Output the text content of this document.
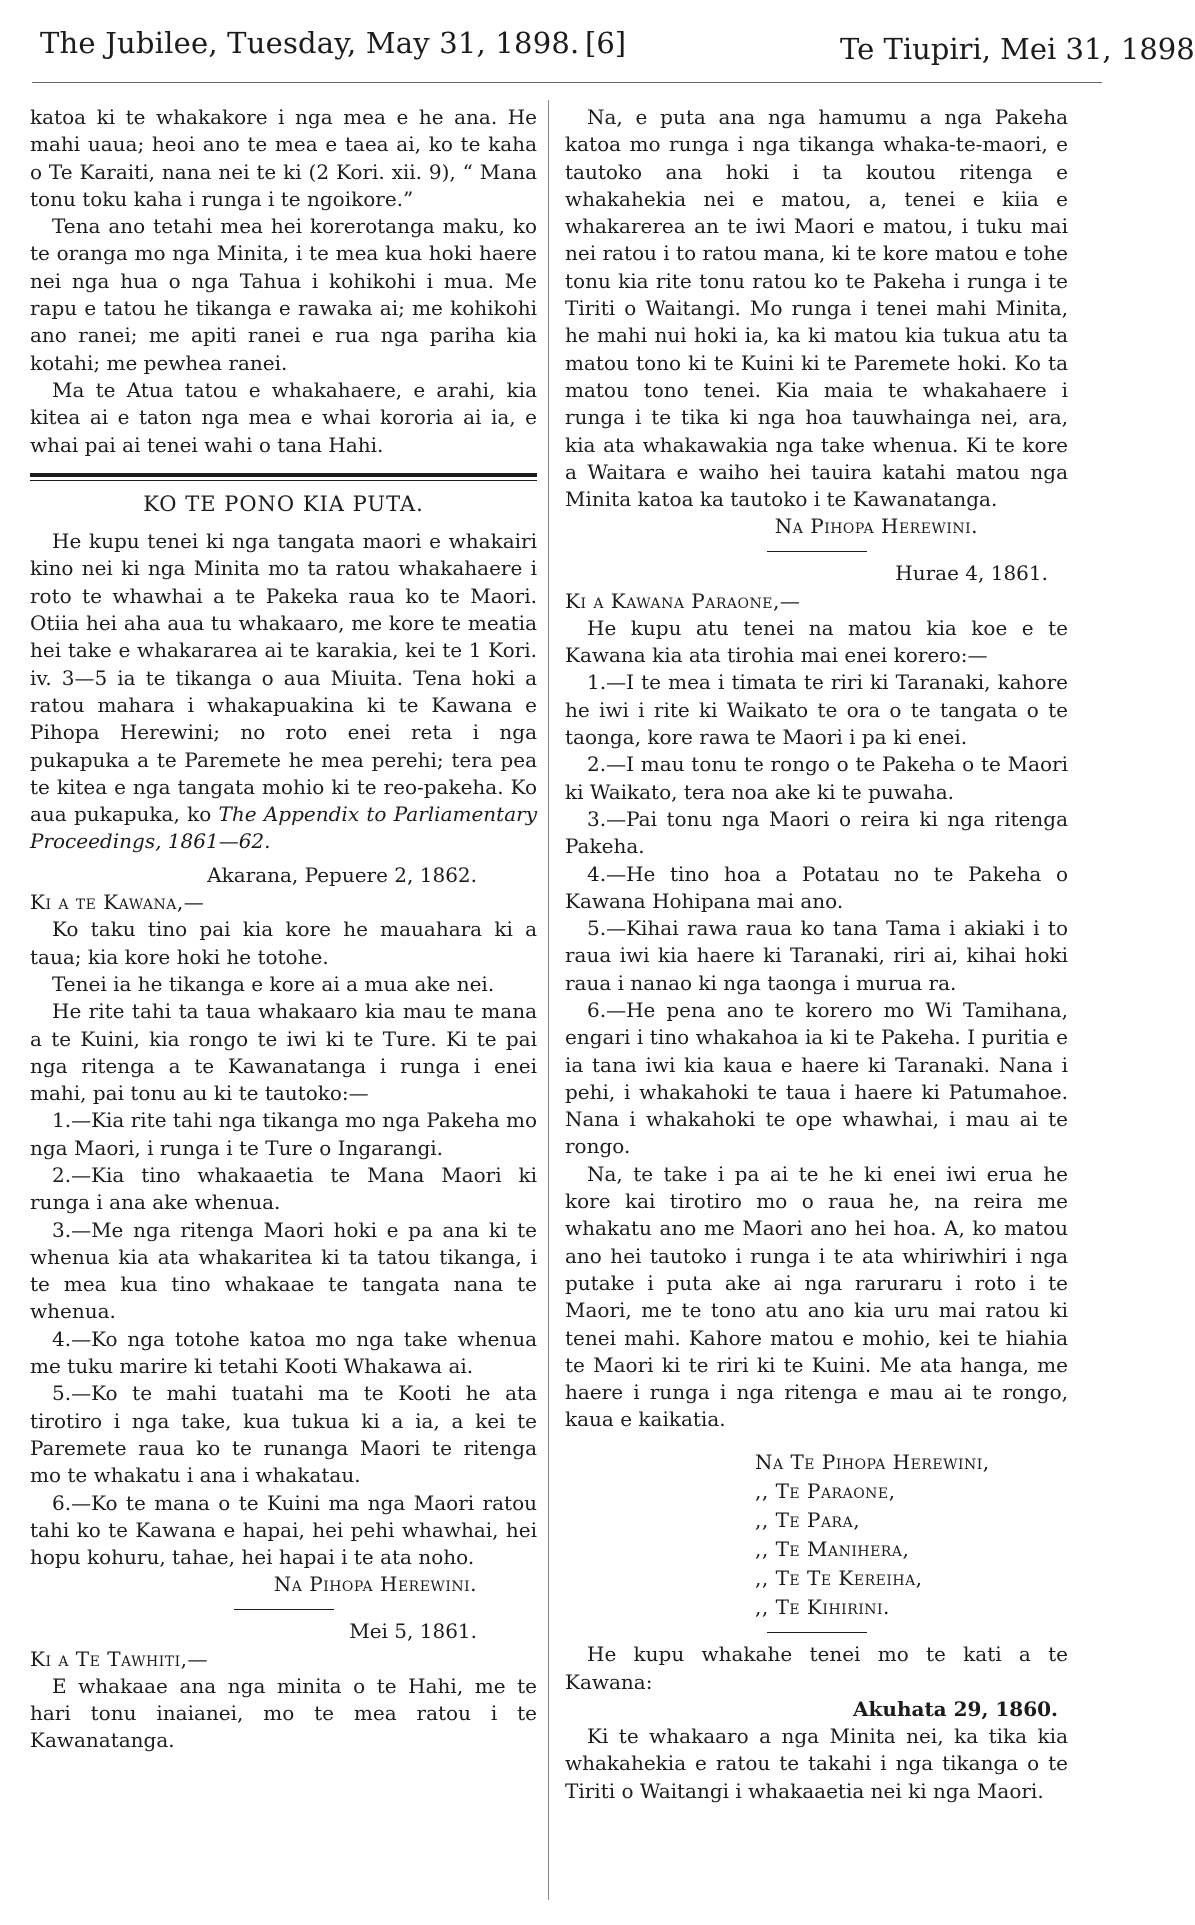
The Jubilee, Tuesday, May 31, 1898. [6]	Te Tiupiri, Mei 31, 1898

katoa ki te whakakore i nga mea e he ana. He mahi uaua; heoi ano te mea e taea ai, ko te kaha o Te Karaiti, nana nei te ki (2 Kori. xii. 9), “ Mana tonu toku kaha i runga i te ngoikore.”

Tena ano tetahi mea hei korerotanga maku, ko te oranga mo nga Minita, i te mea kua hoki haere nei nga hua o nga Tahua i kohikohi i mua. Me rapu e tatou he tikanga e rawaka ai; me kohikohi ano ranei; me apiti ranei e rua nga pariha kia kotahi; me pewhea ranei.

Ma te Atua tatou e whakahaere, e arahi, kia kitea ai e taton nga mea e whai kororia ai ia, e whai pai ai tenei wahi o tana Hahi.

KO TE PONO KIA PUTA.

He kupu tenei ki nga tangata maori e whakairi kino nei ki nga Minita mo ta ratou whakahaere i roto te whawhai a te Pakeka raua ko te Maori. Otiia hei aha aua tu whakaaro, me kore te meatia hei take e whakararea ai te karakia, kei te 1 Kori. iv. 3—5 ia te tikanga o aua Miuita. Tena hoki a ratou mahara i whakapuakina ki te Kawana e Pihopa Herewini; no roto enei reta i nga pukapuka a te Paremete he mea perehi; tera pea te kitea e nga tangata mohio ki te reo-pakeha. Ko aua pukapuka, ko The Appendix to Parliamentary Proceedings, 1861—62.

Akarana, Pepuere 2, 1862.

Ki a te Kawana,—

Ko taku tino pai kia kore he mauahara ki a taua; kia kore hoki he totohe.

Tenei ia he tikanga e kore ai a mua ake nei.

He rite tahi ta taua whakaaro kia mau te mana a te Kuini, kia rongo te iwi ki te Ture. Ki te pai nga ritenga a te Kawanatanga i runga i enei mahi, pai tonu au ki te tautoko:—

1.—Kia rite tahi nga tikanga mo nga Pakeha mo nga Maori, i runga i te Ture o Ingarangi.

2.—Kia tino whakaaetia te Mana Maori ki runga i ana ake whenua.

3.—Me nga ritenga Maori hoki e pa ana ki te whenua kia ata whakaritea ki ta tatou tikanga, i te mea kua tino whakaae te tangata nana te whenua.

4.—Ko nga totohe katoa mo nga take whenua me tuku marire ki tetahi Kooti Whakawa ai.

5.—Ko te mahi tuatahi ma te Kooti he ata tirotiro i nga take, kua tukua ki a ia, a kei te Paremete raua ko te runanga Maori te ritenga mo te whakatu i ana i whakatau.

6.—Ko te mana o te Kuini ma nga Maori ratou tahi ko te Kawana e hapai, hei pehi whawhai, hei hopu kohuru, tahae, hei hapai i te ata noho.

Na Pihopa Herewini.

Mei 5, 1861.

Ki a Te Tawhiti,—

E whakaae ana nga minita o te Hahi, me te hari tonu inaianei, mo te mea ratou i te Kawanatanga.

Na, e puta ana nga hamumu a nga Pakeha katoa mo runga i nga tikanga whaka-te-maori, e tautoko ana hoki i ta koutou ritenga e whakahekia nei e matou, a, tenei e kiia e whakarerea an te iwi Maori e matou, i tuku mai nei ratou i to ratou mana, ki te kore matou e tohe tonu kia rite tonu ratou ko te Pakeha i runga i te Tiriti o Waitangi. Mo runga i tenei mahi Minita, he mahi nui hoki ia, ka ki matou kia tukua atu ta matou tono ki te Kuini ki te Paremete hoki. Ko ta matou tono tenei. Kia maia te whakahaere i runga i te tika ki nga hoa tauwhainga nei, ara, kia ata whakawakia nga take whenua. Ki te kore a Waitara e waiho hei tauira katahi matou nga Minita katoa ka tautoko i te Kawanatanga.

Na Pihopa Herewini.

Hurae 4, 1861.

Ki a Kawana Paraone,—

He kupu atu tenei na matou kia koe e te Kawana kia ata tirohia mai enei korero:—

1.—I te mea i timata te riri ki Taranaki, kahore he iwi i rite ki Waikato te ora o te tangata o te taonga, kore rawa te Maori i pa ki enei.

2.—I mau tonu te rongo o te Pakeha o te Maori ki Waikato, tera noa ake ki te puwaha.

3.—Pai tonu nga Maori o reira ki nga ritenga Pakeha.

4.—He tino hoa a Potatau no te Pakeha o Kawana Hohipana mai ano.

5.—Kihai rawa raua ko tana Tama i akiaki i to raua iwi kia haere ki Taranaki, riri ai, kihai hoki raua i nanao ki nga taonga i murua ra.

6.—He pena ano te korero mo Wi Tamihana, engari i tino whakahoa ia ki te Pakeha. I puritia e ia tana iwi kia kaua e haere ki Taranaki. Nana i pehi, i whakahoki te taua i haere ki Patumahoe. Nana i whakahoki te ope whawhai, i mau ai te rongo.

Na, te take i pa ai te he ki enei iwi erua he kore kai tirotiro mo o raua he, na reira me whakatu ano me Maori ano hei hoa. A, ko matou ano hei tautoko i runga i te ata whiriwhiri i nga putake i puta ake ai nga raruraru i roto i te Maori, me te tono atu ano kia uru mai ratou ki tenei mahi. Kahore matou e mohio, kei te hiahia te Maori ki te riri ki te Kuini. Me ata hanga, me haere i runga i nga ritenga e mau ai te rongo, kaua e kaikatia.

Na Te Pihopa Herewini,
,, Te Paraone,
,, Te Para,
,, Te Manihera,
,, Te Te Kereiha,
,, Te Kihirini.

He kupu whakahe tenei mo te kati a te Kawana:

Akuhata 29, 1860.

Ki te whakaaro a nga Minita nei, ka tika kia whakahekia e ratou te takahi i nga tikanga o te Tiriti o Waitangi i whakaaetia nei ki nga Maori.
